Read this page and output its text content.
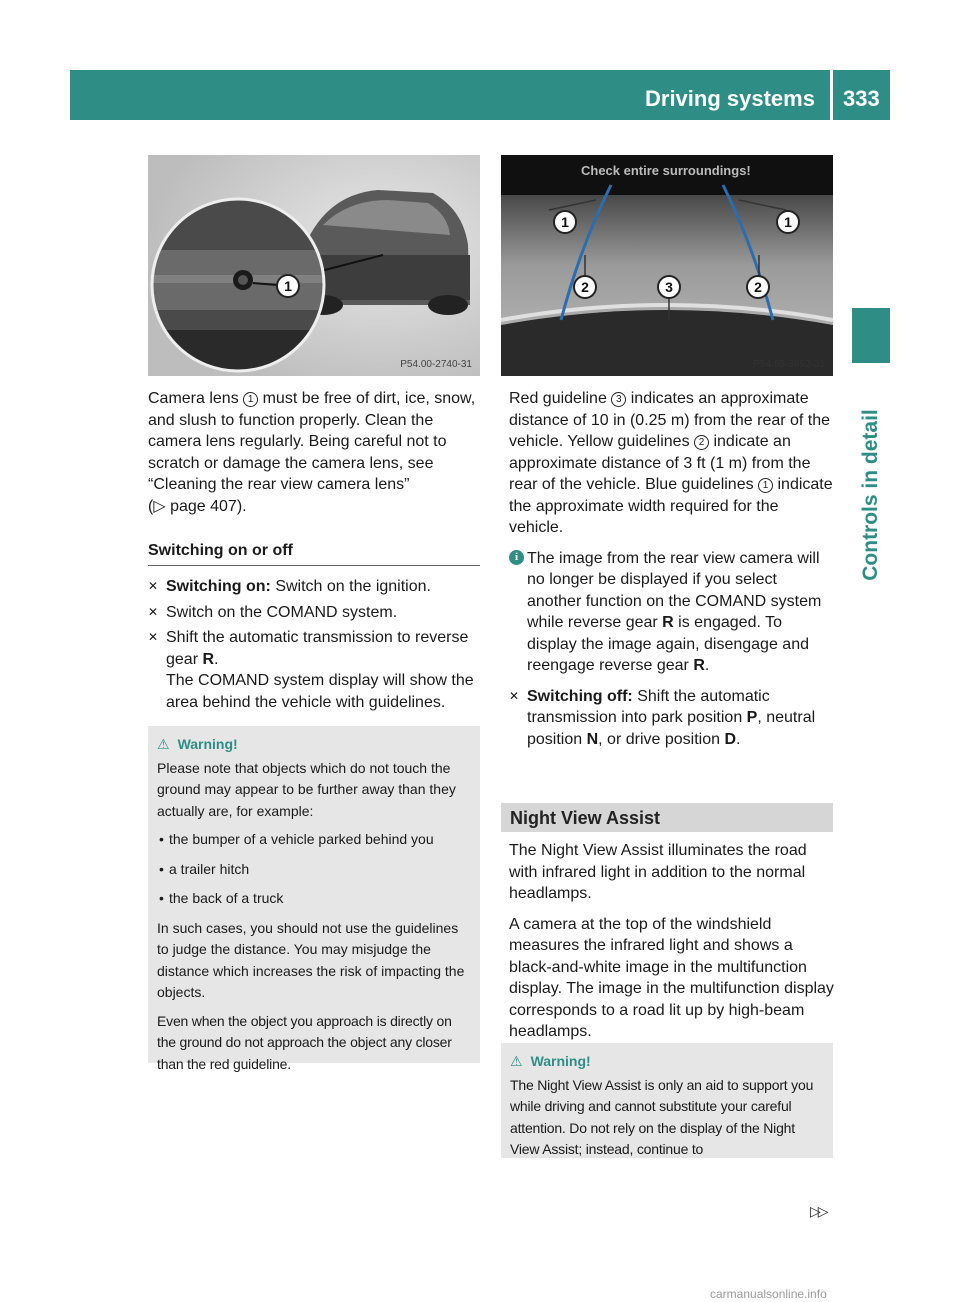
Driving systems 333
Controls in detail
1
P54.00-2740-31
1	1
2	3	2
Check entire surroundings!
P54.65-3892-31

Camera lens 1 must be free of dirt, ice, snow, and slush to function properly. Clean the camera lens regularly. Being careful not to scratch or damage the camera lens, see “Cleaning the rear view camera lens”
(▷ page 407).

Switching on or off
✕ Switching on: Switch on the ignition.
✕ Switch on the COMAND system.
✕ Shift the automatic transmission to reverse gear R.
The COMAND system display will show the area behind the vehicle with guidelines.
⚠ Warning!

Please note that objects which do not touch the ground may appear to be further away than they actually are, for example:

• the bumper of a vehicle parked behind you
• a trailer hitch
• the back of a truck

In such cases, you should not use the guidelines to judge the distance. You may misjudge the distance which increases the risk of impacting the objects.

Even when the object you approach is directly on the ground do not approach the object any closer than the red guideline.

Red guideline 3 indicates an approximate distance of 10 in (0.25 m) from the rear of the vehicle. Yellow guidelines 2 indicate an approximate distance of 3 ft (1 m) from the rear of the vehicle. Blue guidelines 1 indicate the approximate width required for the vehicle.

i The image from the rear view camera will no longer be displayed if you select another function on the COMAND system while reverse gear R is engaged. To display the image again, disengage and reengage reverse gear R.
✕ Switching off: Shift the automatic transmission into park position P, neutral position N, or drive position D.
Night View Assist

The Night View Assist illuminates the road with infrared light in addition to the normal headlamps.

A camera at the top of the windshield measures the infrared light and shows a black-and-white image in the multifunction display. The image in the multifunction display corresponds to a road lit up by high-beam headlamps.

⚠ Warning!

The Night View Assist is only an aid to support you while driving and cannot substitute your careful attention. Do not rely on the display of the Night View Assist; instead, continue to

▷▷
carmanualsonline.info
